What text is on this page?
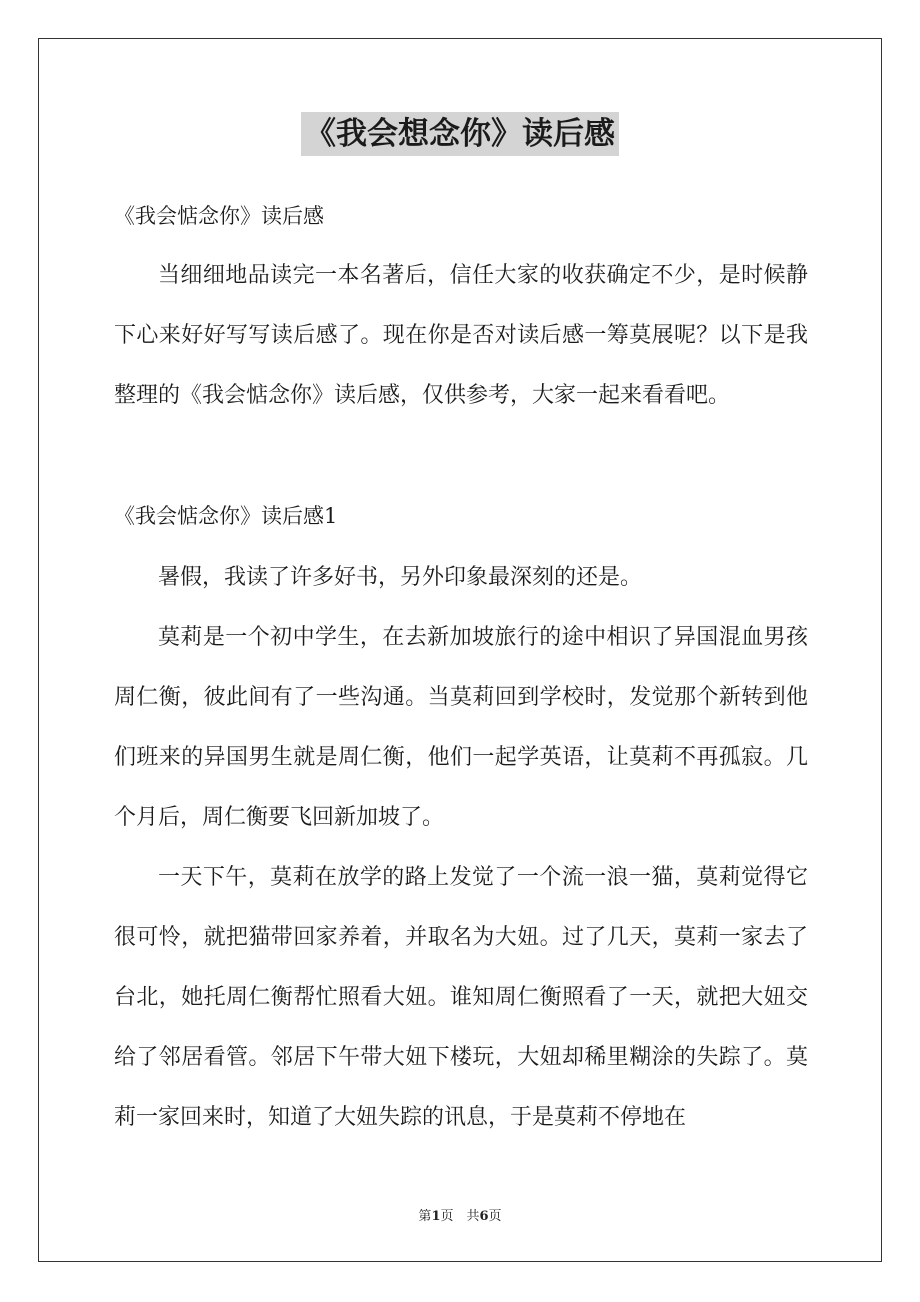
《我会想念你》读后感

《我会惦念你》读后感

当细细地品读完一本名著后，信任大家的收获确定不少，是时候静下心来好好写写读后感了。现在你是否对读后感一筹莫展呢？以下是我整理的《我会惦念你》读后感，仅供参考，大家一起来看看吧。

《我会惦念你》读后感1

暑假，我读了许多好书，另外印象最深刻的还是。

莫莉是一个初中学生，在去新加坡旅行的途中相识了异国混血男孩周仁衡，彼此间有了一些沟通。当莫莉回到学校时，发觉那个新转到他们班来的异国男生就是周仁衡，他们一起学英语，让莫莉不再孤寂。几个月后，周仁衡要飞回新加坡了。

一天下午，莫莉在放学的路上发觉了一个流一浪一猫，莫莉觉得它很可怜，就把猫带回家养着，并取名为大妞。过了几天，莫莉一家去了台北，她托周仁衡帮忙照看大妞。谁知周仁衡照看了一天，就把大妞交给了邻居看管。邻居下午带大妞下楼玩，大妞却稀里糊涂的失踪了。莫莉一家回来时，知道了大妞失踪的讯息，于是莫莉不停地在

第1页　共6页
